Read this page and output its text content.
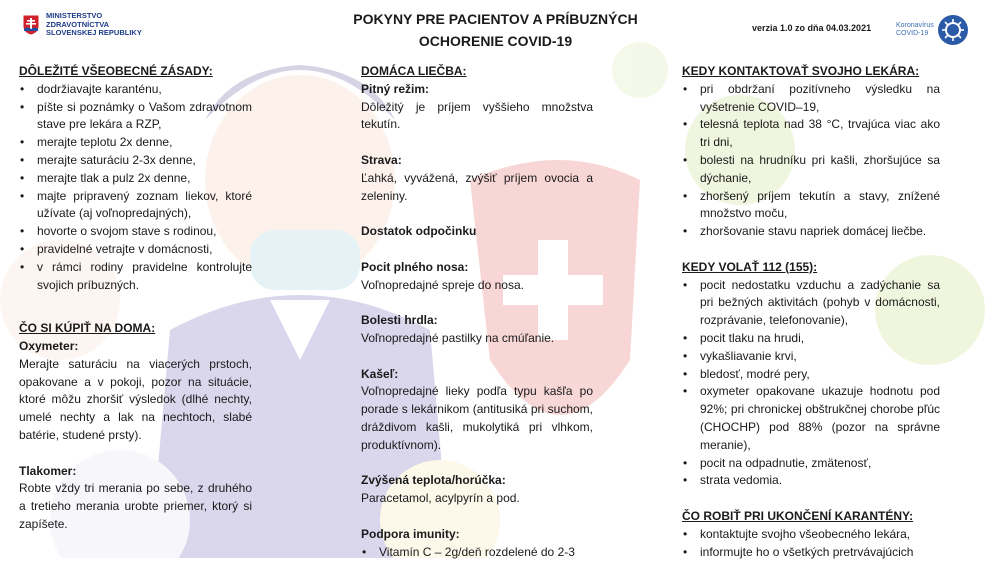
MINISTERSTVO
ZDRAVOTNÍCTVA
SLOVENSKEJ REPUBLIKY
POKYNY PRE PACIENTOV A PRÍBUZNÝCH
OCHORENIE COVID-19
verzia 1.0 zo dňa 04.03.2021	Koronavírus
COVID-19

DÔLEŽITÉ VŠEOBECNÉ ZÁSADY:

• dodržiavajte karanténu,
• píšte si poznámky o Vašom zdravotnom stave pre lekára a RZP,
• merajte teplotu 2x denne,
• merajte saturáciu 2-3x denne,
• merajte tlak a pulz 2x denne,
• majte pripravený zoznam liekov, ktoré užívate (aj voľnopredajných),
• hovorte o svojom stave s rodinou,
• pravidelné vetrajte v domácnosti,
• v rámci rodiny pravidelne kontrolujte svojich príbuzných.

ČO SI KÚPIŤ NA DOMA:

Oxymeter:

Merajte saturáciu na viacerých prstoch, opakovane a v pokoji, pozor na situácie, ktoré môžu zhoršiť výsledok (dlhé nechty, umelé nechty a lak na nechtoch, slabé batérie, studené prsty).

Tlakomer:

Robte vždy tri merania po sebe, z druhého a tretieho merania urobte priemer, ktorý si zapíšete.

DOMÁCA LIEČBA:

Pitný režim:

Dôležitý je príjem vyššieho množstva tekutín.

Strava:

Ľahká, vyvážená, zvýšiť príjem ovocia a zeleniny.

Dostatok odpočinku

Pocit plného nosa:

Voľnopredajné spreje do nosa.

Bolesti hrdla:

Voľnopredajné pastilky na cmúľanie.

Kašeľ:

Voľnopredajné lieky podľa typu kašľa po porade s lekárnikom (antitusiká pri suchom, dráždivom kašli, mukolytiká pri vlhkom, produktívnom).

Zvýšená teplota/horúčka:

Paracetamol, acylpyrín a pod.

Podpora imunity:

• Vitamín C – 2g/deň rozdelené do 2-3

KEDY KONTAKTOVAŤ SVOJHO LEKÁRA:

• pri obdržaní pozitívneho výsledku na vyšetrenie COVID–19,
• telesná teplota nad 38 °C, trvajúca viac ako tri dni,
• bolesti na hrudníku pri kašli, zhoršujúce sa dýchanie,
• zhoršený príjem tekutín a stavy, znížené množstvo moču,
• zhoršovanie stavu napriek domácej liečbe.

KEDY VOLAŤ 112 (155):

• pocit nedostatku vzduchu a zadýchanie sa pri bežných aktivitách (pohyb v domácnosti, rozprávanie, telefonovanie),
• pocit tlaku na hrudi,
• vykašliavanie krvi,
• bledosť, modré pery,
• oxymeter opakovane ukazuje hodnotu pod 92%; pri chronickej obštrukčnej chorobe pľúc (CHOCHP) pod 88% (pozor na správne meranie),
• pocit na odpadnutie, zmätenosť,
• strata vedomia.

ČO ROBIŤ PRI UKONČENÍ KARANTÉNY:

• kontaktujte svojho všeobecného lekára,
• informujte ho o všetkých pretrvávajúcich
